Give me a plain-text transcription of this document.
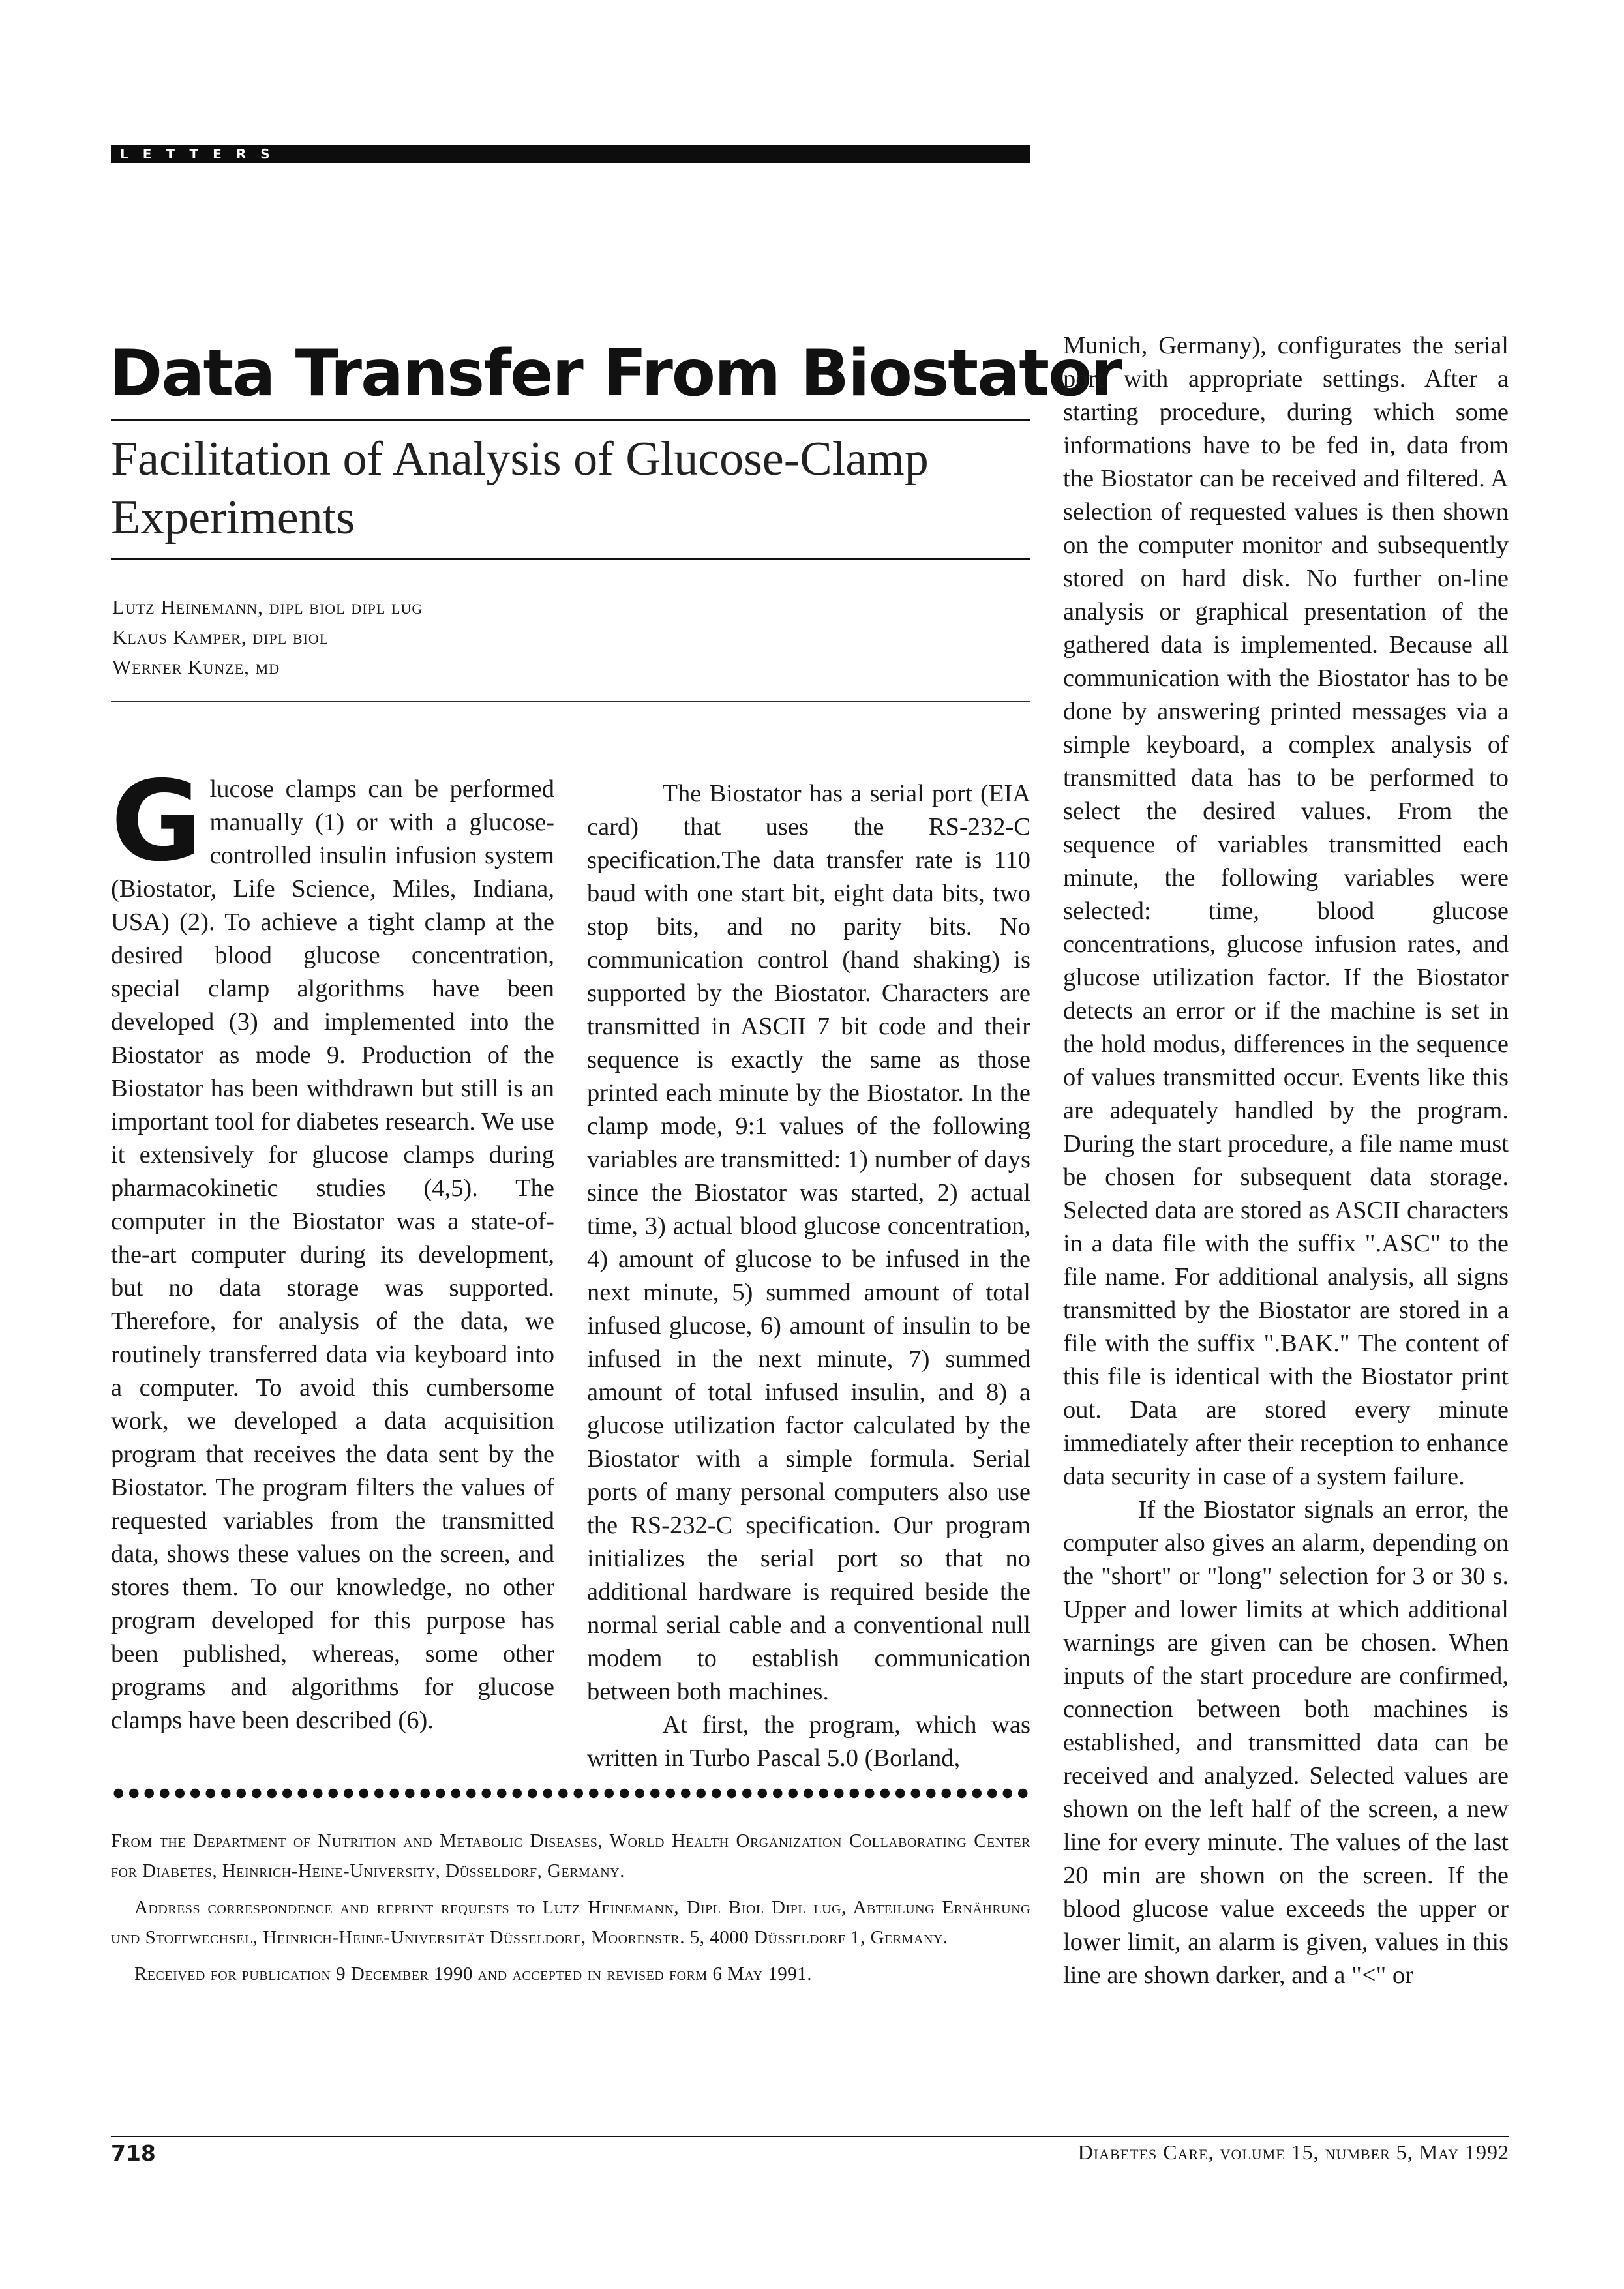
LETTERS
Data Transfer From Biostator
Facilitation of Analysis of Glucose-Clamp Experiments
Lutz Heinemann, dipl biol dipl lug
Klaus Kamper, dipl biol
Werner Kunze, md

Glucose clamps can be performed manually (1) or with a glucose-controlled insulin infusion system (Biostator, Life Science, Miles, Indiana, USA) (2). To achieve a tight clamp at the desired blood glucose concentration, special clamp algorithms have been developed (3) and implemented into the Biostator as mode 9. Production of the Biostator has been withdrawn but still is an important tool for diabetes research. We use it extensively for glucose clamps during pharmacokinetic studies (4,5). The computer in the Biostator was a state-of-the-art computer during its development, but no data storage was supported. Therefore, for analysis of the data, we routinely transferred data via keyboard into a computer. To avoid this cumbersome work, we developed a data acquisition program that receives the data sent by the Biostator. The program filters the values of requested variables from the transmitted data, shows these values on the screen, and stores them. To our knowledge, no other program developed for this purpose has been published, whereas, some other programs and algorithms for glucose clamps have been described (6).

The Biostator has a serial port (EIA card) that uses the RS-232-C specification.The data transfer rate is 110 baud with one start bit, eight data bits, two stop bits, and no parity bits. No communication control (hand shaking) is supported by the Biostator. Characters are transmitted in ASCII 7 bit code and their sequence is exactly the same as those printed each minute by the Biostator. In the clamp mode, 9:1 values of the following variables are transmitted: 1) number of days since the Biostator was started, 2) actual time, 3) actual blood glucose concentration, 4) amount of glucose to be infused in the next minute, 5) summed amount of total infused glucose, 6) amount of insulin to be infused in the next minute, 7) summed amount of total infused insulin, and 8) a glucose utilization factor calculated by the Biostator with a simple formula. Serial ports of many personal computers also use the RS-232-C specification. Our program initializes the serial port so that no additional hardware is required beside the normal serial cable and a conventional null modem to establish communication between both machines.

At first, the program, which was written in Turbo Pascal 5.0 (Borland,

Munich, Germany), configurates the serial port with appropriate settings. After a starting procedure, during which some informations have to be fed in, data from the Biostator can be received and filtered. A selection of requested values is then shown on the computer monitor and subsequently stored on hard disk. No further on-line analysis or graphical presentation of the gathered data is implemented. Because all communication with the Biostator has to be done by answering printed messages via a simple keyboard, a complex analysis of transmitted data has to be performed to select the desired values. From the sequence of variables transmitted each minute, the following variables were selected: time, blood glucose concentrations, glucose infusion rates, and glucose utilization factor. If the Biostator detects an error or if the machine is set in the hold modus, differences in the sequence of values transmitted occur. Events like this are adequately handled by the program. During the start procedure, a file name must be chosen for subsequent data storage. Selected data are stored as ASCII characters in a data file with the suffix ".ASC" to the file name. For additional analysis, all signs transmitted by the Biostator are stored in a file with the suffix ".BAK." The content of this file is identical with the Biostator print out. Data are stored every minute immediately after their reception to enhance data security in case of a system failure.

If the Biostator signals an error, the computer also gives an alarm, depending on the "short" or "long" selection for 3 or 30 s. Upper and lower limits at which additional warnings are given can be chosen. When inputs of the start procedure are confirmed, connection between both machines is established, and transmitted data can be received and analyzed. Selected values are shown on the left half of the screen, a new line for every minute. The values of the last 20 min are shown on the screen. If the blood glucose value exceeds the upper or lower limit, an alarm is given, values in this line are shown darker, and a "<" or

From the Department of Nutrition and Metabolic Diseases, World Health Organization Collaborating Center for Diabetes, Heinrich-Heine-University, Düsseldorf, Germany.

Address correspondence and reprint requests to Lutz Heinemann, Dipl Biol Dipl lug, Abteilung Ernährung und Stoffwechsel, Heinrich-Heine-Universität Düsseldorf, Moorenstr. 5, 4000 Düsseldorf 1, Germany.

Received for publication 9 December 1990 and accepted in revised form 6 May 1991.

718	Diabetes Care, volume 15, number 5, May 1992
